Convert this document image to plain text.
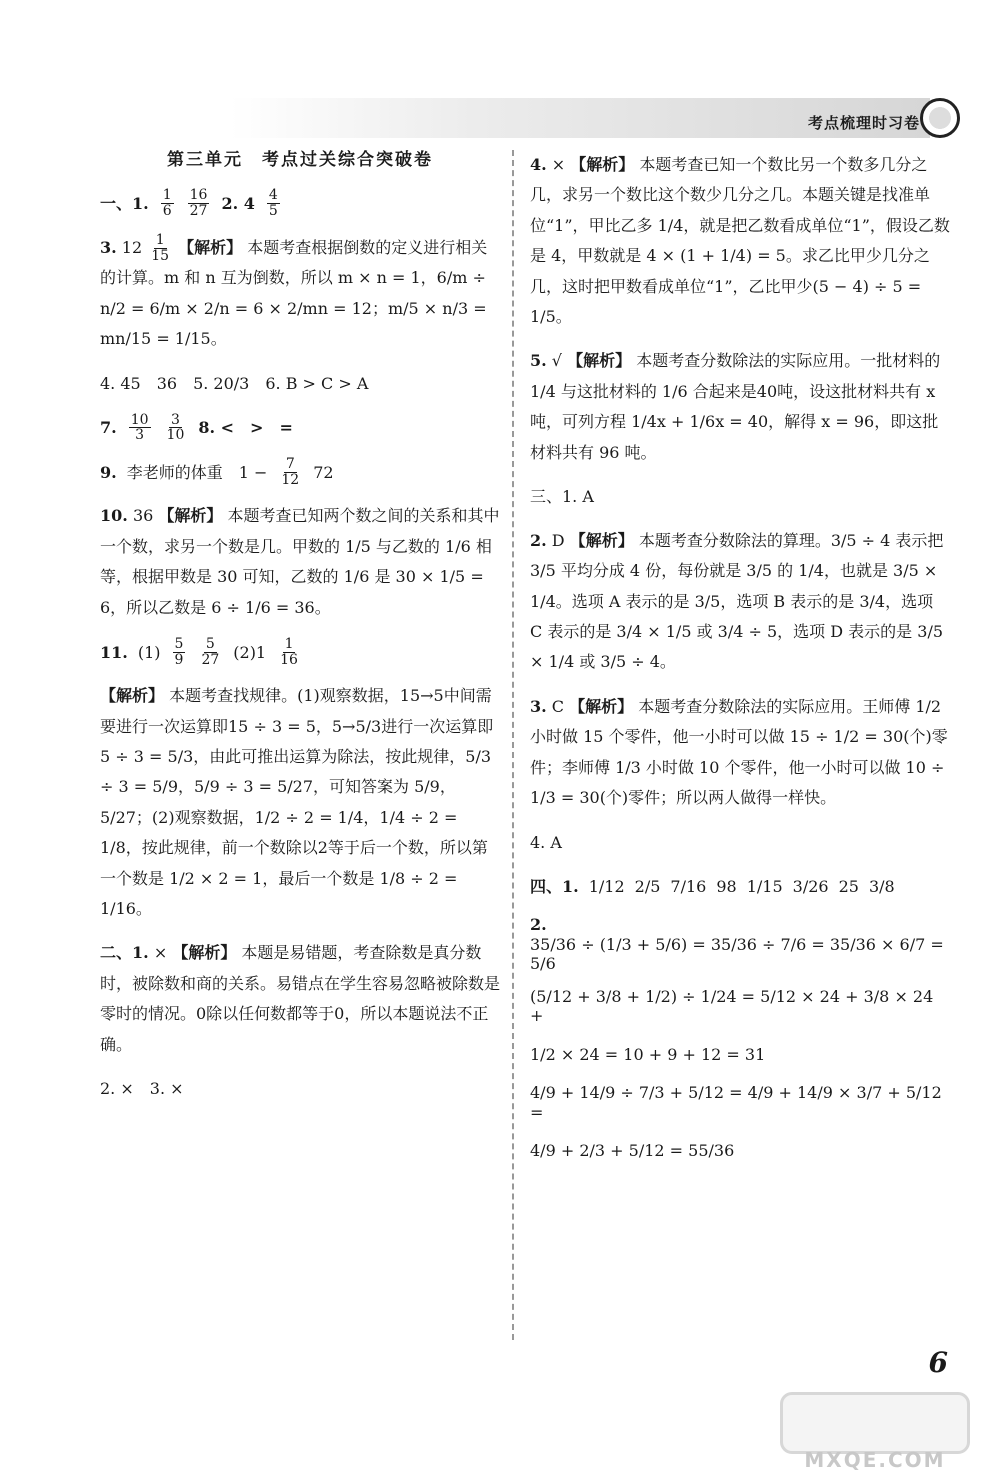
考点梳理时习卷
第三单元　考点过关综合突破卷
一、1. $\frac{1}{6} \frac{16}{27} 2$. $4 \frac{4}{5}$
3. $12 \frac{1}{15}$ 【解析】 本题考查根据倒数的定义进行相关的计算。m 和 n 互为倒数，所以 m × n = 1，6/m ÷ n/2 = 6/m × 2/n = 6 × 2/mn = 12；m/5 × n/3 = mn/15 = 1/15。
4. 45　36　5. 20/3　6. B > C > A
7. $\frac{10}{3} \frac{3}{10} 8$. <　>　=
9. 李老师的体重　$1 - \frac{7}{12} 72$
10. 36 【解析】 本题考查已知两个数之间的关系和其中一个数，求另一个数是几。甲数的 1/5 与乙数的 1/6 相等，根据甲数是 30 可知，乙数的 1/6 是 30 × 1/5 = 6，所以乙数是 6 ÷ 1/6 = 36。
11. $(1) \frac{5}{9} \frac{5}{27} (2)1 \frac{1}{16}$
【解析】 本题考查找规律。(1)观察数据，15→5中间需要进行一次运算即15 ÷ 3 = 5，5→5/3进行一次运算即5 ÷ 3 = 5/3，由此可推出运算为除法，按此规律，5/3 ÷ 3 = 5/9，5/9 ÷ 3 = 5/27，可知答案为 5/9，5/27；(2)观察数据，1/2 ÷ 2 = 1/4，1/4 ÷ 2 = 1/8，按此规律，前一个数除以2等于后一个数，所以第一个数是 1/2 × 2 = 1，最后一个数是 1/8 ÷ 2 = 1/16。
二、1. × 【解析】 本题是易错题，考查除数是真分数时，被除数和商的关系。易错点在学生容易忽略被除数是零时的情况。0除以任何数都等于0，所以本题说法不正确。
2. ×　3. ×
4. × 【解析】 本题考查已知一个数比另一个数多几分之几，求另一个数比这个数少几分之几。本题关键是找准单位“1”，甲比乙多 1/4，就是把乙数看成单位“1”，假设乙数是 4，甲数就是 4 × (1 + 1/4) = 5。求乙比甲少几分之几，这时把甲数看成单位“1”，乙比甲少(5 − 4) ÷ 5 = 1/5。
5. √ 【解析】 本题考查分数除法的实际应用。一批材料的 1/4 与这批材料的 1/6 合起来是40吨，设这批材料共有 x 吨，可列方程 1/4x + 1/6x = 40，解得 x = 96，即这批材料共有 96 吨。
三、1. A
2. D 【解析】 本题考查分数除法的算理。3/5 ÷ 4 表示把 3/5 平均分成 4 份，每份就是 3/5 的 1/4，也就是 3/5 × 1/4。选项 A 表示的是 3/5，选项 B 表示的是 3/4，选项 C 表示的是 3/4 × 1/5 或 3/4 ÷ 5，选项 D 表示的是 3/5 × 1/4 或 3/5 ÷ 4。
3. C 【解析】 本题考查分数除法的实际应用。王师傅 1/2 小时做 15 个零件，他一小时可以做 15 ÷ 1/2 = 30(个)零件；李师傅 1/3 小时做 10 个零件，他一小时可以做 10 ÷ 1/3 = 30(个)零件；所以两人做得一样快。
4. A
四、1. 1/12 2/5 7/16 98 1/15 3/26 25 3/8
2.
35/36 ÷ (1/3 + 5/6) = 35/36 ÷ 7/6 = 35/36 × 6/7 = 5/6
(5/12 + 3/8 + 1/2) ÷ 1/24 = 5/12 × 24 + 3/8 × 24 +
1/2 × 24 = 10 + 9 + 12 = 31
4/9 + 14/9 ÷ 7/3 + 5/12 = 4/9 + 14/9 × 3/7 + 5/12 =
4/9 + 2/3 + 5/12 = 55/36
6
MXQE.COM
